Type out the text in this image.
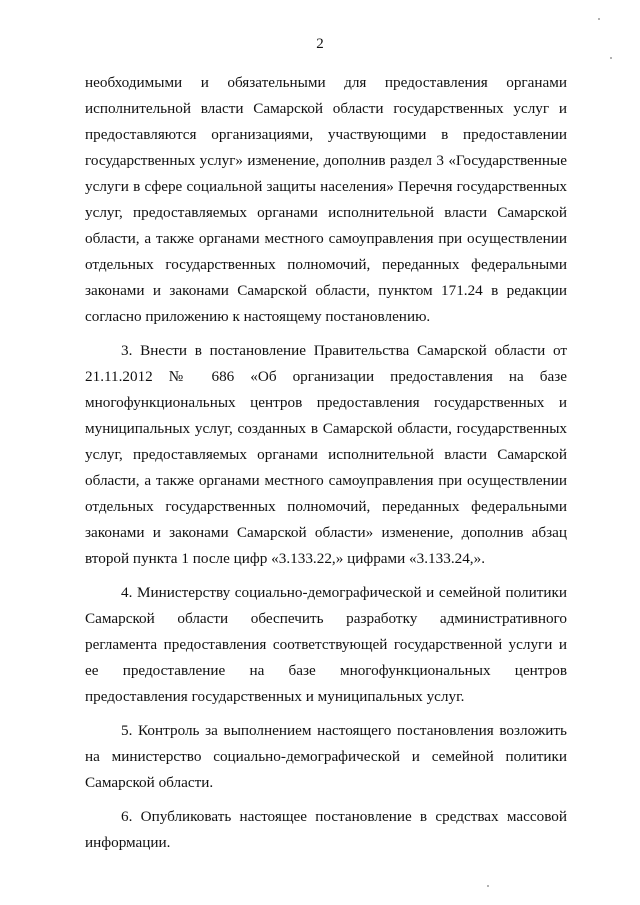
2

необходимыми и обязательными для предоставления органами исполнительной власти Самарской области государственных услуг и предоставляются организациями, участвующими в предоставлении государственных услуг» изменение, дополнив раздел 3 «Государственные услуги в сфере социальной защиты населения» Перечня государственных услуг, предоставляемых органами исполнительной власти Самарской области, а также органами местного самоуправления при осуществлении отдельных государственных полномочий, переданных федеральными законами и законами Самарской области, пунктом 171.24 в редакции согласно приложению к настоящему постановлению.

3. Внести в постановление Правительства Самарской области от 21.11.2012 № 686 «Об организации предоставления на базе многофункциональных центров предоставления государственных и муниципальных услуг, созданных в Самарской области, государственных услуг, предоставляемых органами исполнительной власти Самарской области, а также органами местного самоуправления при осуществлении отдельных государственных полномочий, переданных федеральными законами и законами Самарской области» изменение, дополнив абзац второй пункта 1 после цифр «3.133.22,» цифрами «3.133.24,».

4. Министерству социально-демографической и семейной политики Самарской области обеспечить разработку административного регламента предоставления соответствующей государственной услуги и ее предоставление на базе многофункциональных центров предоставления государственных и муниципальных услуг.

5. Контроль за выполнением настоящего постановления возложить на министерство социально-демографической и семейной политики Самарской области.

6. Опубликовать настоящее постановление в средствах массовой информации.
